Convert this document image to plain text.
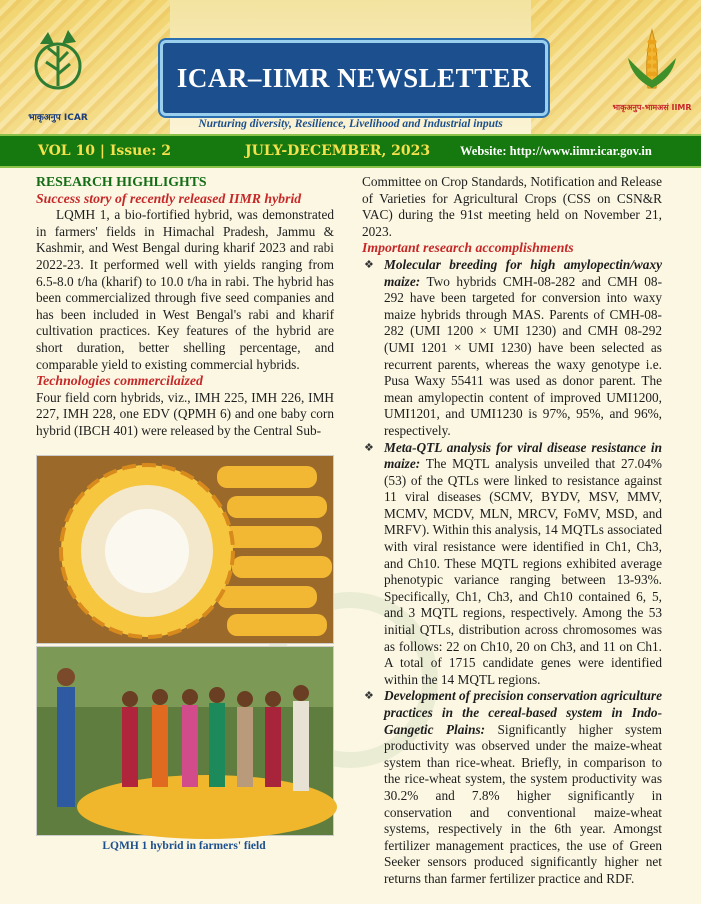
भाकृअनुप ICAR
ICAR–IIMR NEWSLETTER
भाकृअनुप-भामअसं IIMR
Nurturing diversity, Resilience, Livelihood and Industrial inputs
VOL 10 | Issue: 2	JULY-DECEMBER, 2023 Website: http://www.iimr.icar.gov.in
RESEARCH HIGHLIGHTS
Success story of recently released IIMR hybrid

LQMH 1, a bio-fortified hybrid, was demonstrated in farmers' fields in Himachal Pradesh, Jammu & Kashmir, and West Bengal during kharif 2023 and rabi 2022-23. It performed well with yields ranging from 6.5-8.0 t/ha (kharif) to 10.0 t/ha in rabi. The hybrid has been commercialized through five seed companies and has been included in West Bengal's rabi and kharif cultivation practices. Key features of the hybrid are short duration, better shelling percentage, and comparable yield to existing commercial hybrids.

Technologies commercilaized

Four field corn hybrids, viz., IMH 225, IMH 226, IMH 227, IMH 228, one EDV (QPMH 6) and one baby corn hybrid (IBCH 401) were released by the Central Sub-

LQMH 1 hybrid in farmers' field

Committee on Crop Standards, Notification and Release of Varieties for Agricultural Crops (CSS on CSN&R VAC) during the 91st meeting held on November 21, 2023.

Important research accomplishments
❖ Molecular breeding for high amylopectin/waxy maize: Two hybrids CMH-08-282 and CMH 08-292 have been targeted for conversion into waxy maize hybrids through MAS. Parents of CMH-08-282 (UMI 1200 × UMI 1230) and CMH 08-292 (UMI 1201 × UMI 1230) have been selected as recurrent parents, whereas the waxy genotype i.e. Pusa Waxy 55411 was used as donor parent. The mean amylopectin content of improved UMI1200, UMI1201, and UMI1230 is 97%, 95%, and 96%, respectively.
❖ Meta-QTL analysis for viral disease resistance in maize: The MQTL analysis unveiled that 27.04% (53) of the QTLs were linked to resistance against 11 viral diseases (SCMV, BYDV, MSV, MMV, MCMV, MCDV, MLN, MRCV, FoMV, MSD, and MRFV). Within this analysis, 14 MQTLs associated with viral resistance were identified in Ch1, Ch3, and Ch10. These MQTL regions exhibited average phenotypic variance ranging between 13-93%. Specifically, Ch1, Ch3, and Ch10 contained 6, 5, and 3 MQTL regions, respectively. Among the 53 initial QTLs, distribution across chromosomes was as follows: 22 on Ch10, 20 on Ch3, and 11 on Ch1. A total of 1715 candidate genes were identified within the 14 MQTL regions.
❖ Development of precision conservation agriculture practices in the cereal-based system in Indo-Gangetic Plains: Significantly higher system productivity was observed under the maize-wheat system than rice-wheat. Briefly, in comparison to the rice-wheat system, the system productivity was 30.2% and 7.8% higher significantly in conservation and conventional maize-wheat systems, respectively in the 6th year. Amongst fertilizer management practices, the use of Green Seeker sensors produced significantly higher net returns than farmer fertilizer practice and RDF.
